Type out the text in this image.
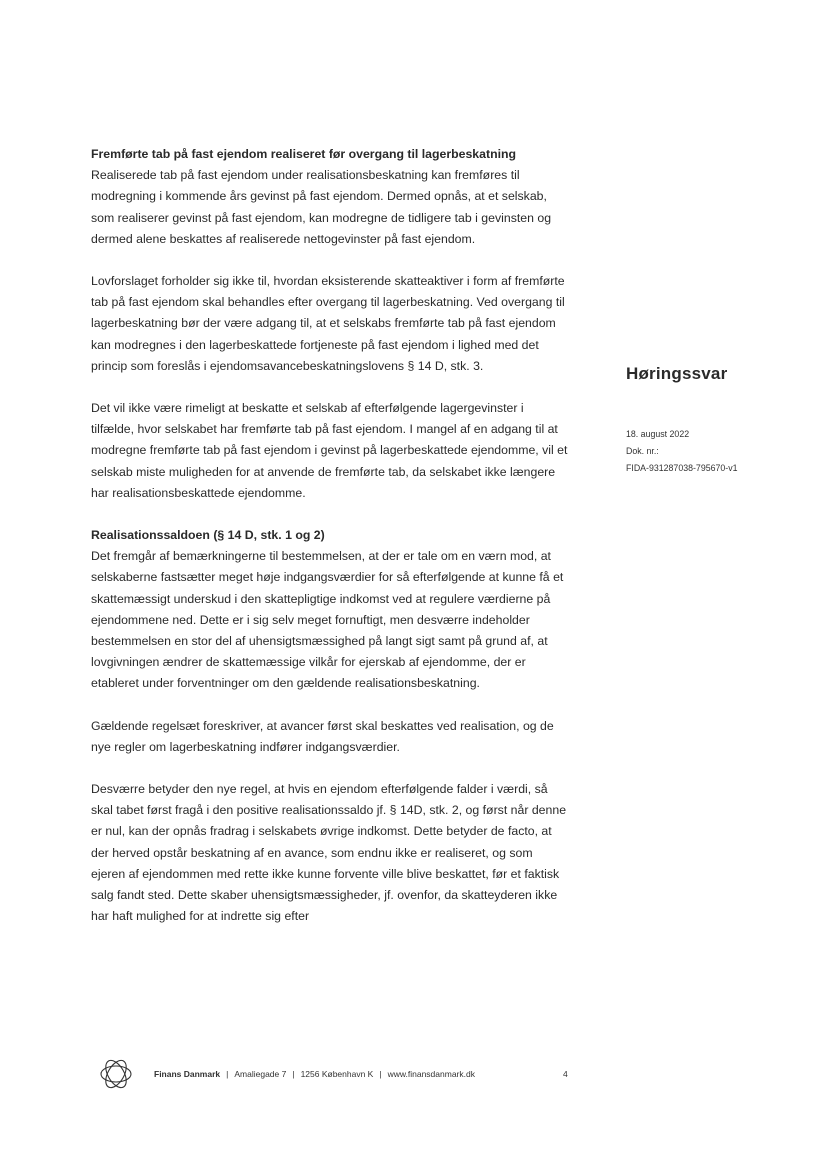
Fremførte tab på fast ejendom realiseret før overgang til lagerbeskatning

Realiserede tab på fast ejendom under realisationsbeskatning kan fremføres til modregning i kommende års gevinst på fast ejendom. Dermed opnås, at et selskab, som realiserer gevinst på fast ejendom, kan modregne de tidligere tab i gevinsten og dermed alene beskattes af realiserede nettogevinster på fast ejendom.

Lovforslaget forholder sig ikke til, hvordan eksisterende skatteaktiver i form af fremførte tab på fast ejendom skal behandles efter overgang til lagerbeskatning. Ved overgang til lagerbeskatning bør der være adgang til, at et selskabs fremførte tab på fast ejendom kan modregnes i den lagerbeskattede fortjeneste på fast ejendom i lighed med det princip som foreslås i ejendomsavancebeskatningslovens § 14 D, stk. 3.

Det vil ikke være rimeligt at beskatte et selskab af efterfølgende lagergevinster i tilfælde, hvor selskabet har fremførte tab på fast ejendom. I mangel af en adgang til at modregne fremførte tab på fast ejendom i gevinst på lagerbeskattede ejendomme, vil et selskab miste muligheden for at anvende de fremførte tab, da selskabet ikke længere har realisationsbeskattede ejendomme.

Realisationssaldoen (§ 14 D, stk. 1 og 2)

Det fremgår af bemærkningerne til bestemmelsen, at der er tale om en værn mod, at selskaberne fastsætter meget høje indgangsværdier for så efterfølgende at kunne få et skattemæssigt underskud i den skattepligtige indkomst ved at regulere værdierne på ejendommene ned. Dette er i sig selv meget fornuftigt, men desværre indeholder bestemmelsen en stor del af uhensigtsmæssighed på langt sigt samt på grund af, at lovgivningen ændrer de skattemæssige vilkår for ejerskab af ejendomme, der er etableret under forventninger om den gældende realisationsbeskatning.

Gældende regelsæt foreskriver, at avancer først skal beskattes ved realisation, og de nye regler om lagerbeskatning indfører indgangsværdier.

Desværre betyder den nye regel, at hvis en ejendom efterfølgende falder i værdi, så skal tabet først fragå i den positive realisationssaldo jf. § 14D, stk. 2, og først når denne er nul, kan der opnås fradrag i selskabets øvrige indkomst. Dette betyder de facto, at der herved opstår beskatning af en avance, som endnu ikke er realiseret, og som ejeren af ejendommen med rette ikke kunne forvente ville blive beskattet, før et faktisk salg fandt sted. Dette skaber uhensigtsmæssigheder, jf. ovenfor, da skatteyderen ikke har haft mulighed for at indrette sig efter

Høringssvar
18. august 2022
Dok. nr.:
FIDA-931287038-795670-v1
Finans Danmark | Amaliegade 7 | 1256 København K | www.finansdanmark.dk	4
